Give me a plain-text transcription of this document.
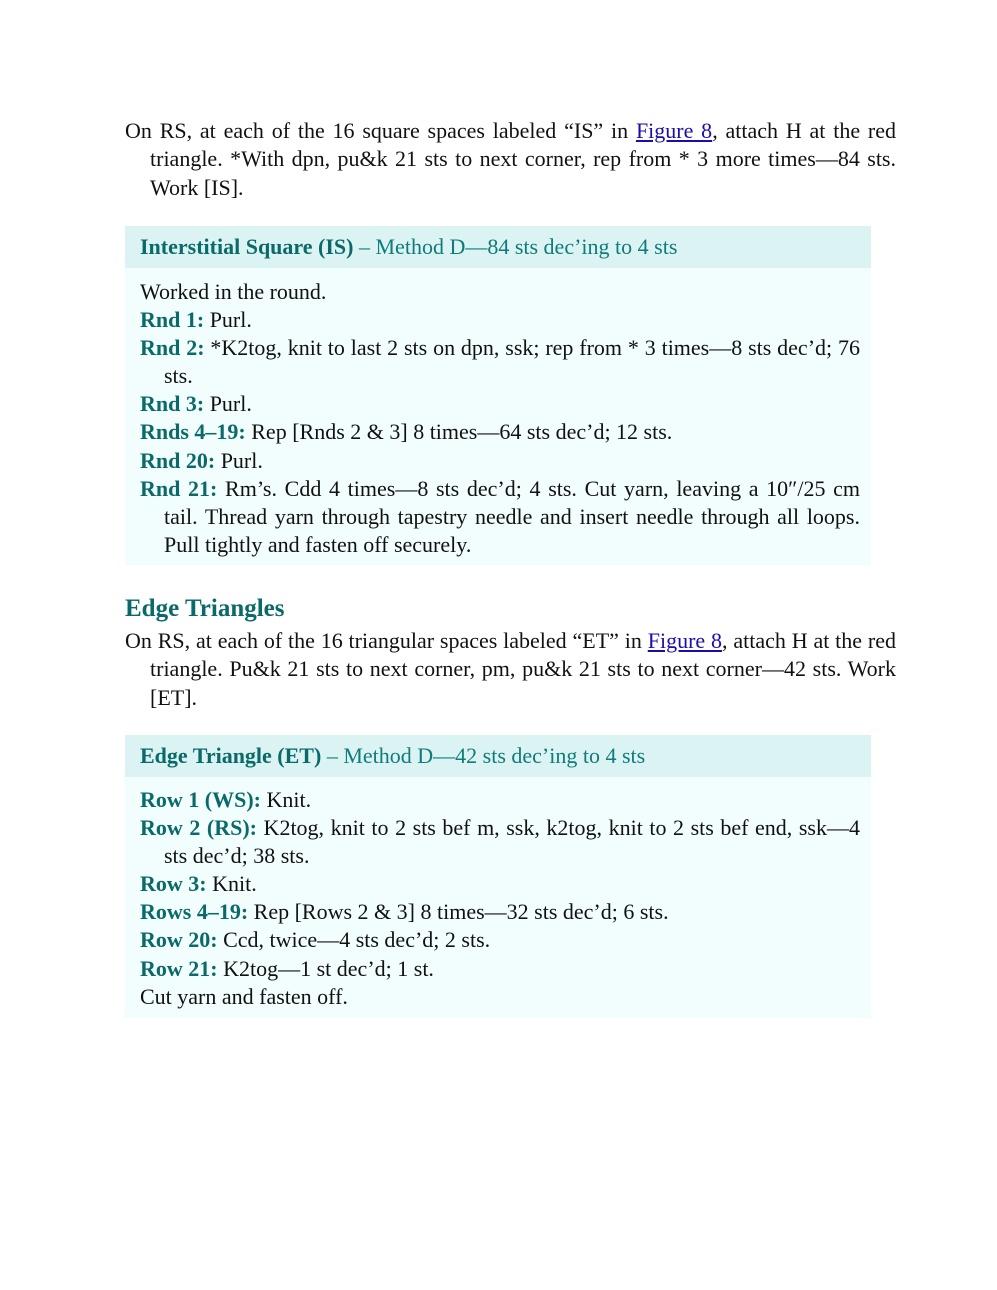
On RS, at each of the 16 square spaces labeled “IS” in Figure 8, attach H at the red triangle. *With dpn, pu&k 21 sts to next corner, rep from * 3 more times—84 sts. Work [IS].

Interstitial Square (IS) – Method D—84 sts dec’ing to 4 sts

Worked in the round.

Rnd 1: Purl.

Rnd 2: *K2tog, knit to last 2 sts on dpn, ssk; rep from * 3 times—8 sts dec’d; 76 sts.

Rnd 3: Purl.

Rnds 4–19: Rep [Rnds 2 & 3] 8 times—64 sts dec’d; 12 sts.

Rnd 20: Purl.

Rnd 21: Rm’s. Cdd 4 times—8 sts dec’d; 4 sts. Cut yarn, leaving a 10″/25 cm tail. Thread yarn through tapestry needle and insert needle through all loops. Pull tightly and fasten off securely.

Edge Triangles

On RS, at each of the 16 triangular spaces labeled “ET” in Figure 8, attach H at the red triangle. Pu&k 21 sts to next corner, pm, pu&k 21 sts to next corner—42 sts. Work [ET].

Edge Triangle (ET) – Method D—42 sts dec’ing to 4 sts

Row 1 (WS): Knit.

Row 2 (RS): K2tog, knit to 2 sts bef m, ssk, k2tog, knit to 2 sts bef end, ssk—4 sts dec’d; 38 sts.

Row 3: Knit.

Rows 4–19: Rep [Rows 2 & 3] 8 times—32 sts dec’d; 6 sts.

Row 20: Ccd, twice—4 sts dec’d; 2 sts.

Row 21: K2tog—1 st dec’d; 1 st.

Cut yarn and fasten off.
